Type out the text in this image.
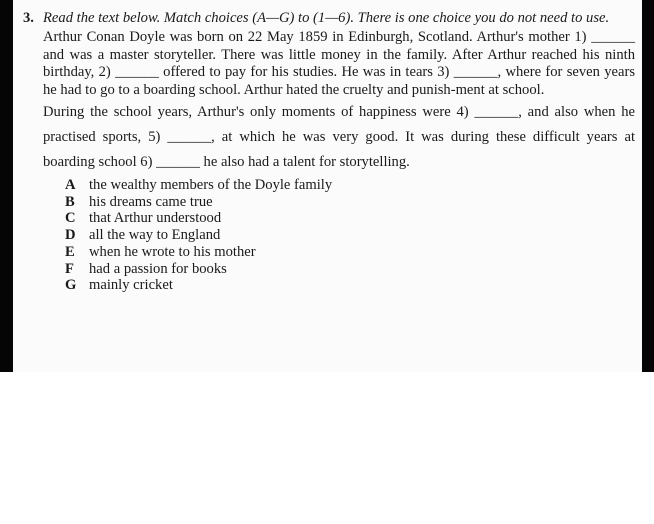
3. Read the text below. Match choices (A—G) to (1—6). There is one choice you do not need to use.

Arthur Conan Doyle was born on 22 May 1859 in Edinburgh, Scotland. Arthur's mother 1) ______ and was a master storyteller. There was little money in the family. After Arthur reached his ninth birthday, 2) ______ offered to pay for his studies. He was in tears 3) ______, where for seven years he had to go to a boarding school. Arthur hated the cruelty and punish-ment at school.

During the school years, Arthur's only moments of happiness were 4) ______, and also when he practised sports, 5) ______, at which he was very good. It was during these difficult years at boarding school 6) ______ he also had a talent for storytelling.

A the wealthy members of the Doyle family
B his dreams came true
C that Arthur understood
D all the way to England
E when he wrote to his mother
F	had a passion for books
G mainly cricket
